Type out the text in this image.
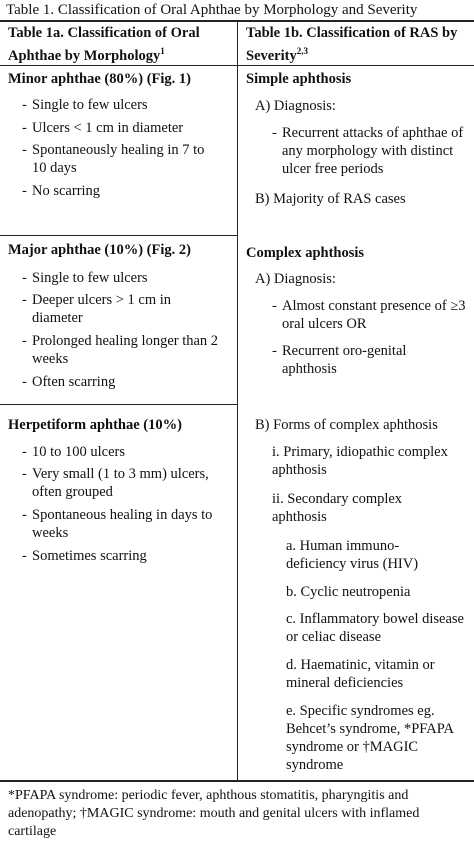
Table 1. Classification of Oral Aphthae by Morphology and Severity
Table 1a. Classification of Oral Aphthae by Morphology$^1$
Table 1b. Classification of RAS by Severity$^{2,3}$
Minor aphthae (80%) (Fig. 1)
- Single to few ulcers
- Ulcers < 1 cm in diameter
- Spontaneously healing in 7 to 10 days
- No scarring
Major aphthae (10%) (Fig. 2)
- Single to few ulcers
- Deeper ulcers > 1 cm in diameter
- Prolonged healing longer than 2 weeks
- Often scarring
Herpetiform aphthae (10%)
- 10 to 100 ulcers
- Very small (1 to 3 mm) ulcers, often grouped
- Spontaneous healing in days to weeks
- Sometimes scarring
Simple aphthosis
A) Diagnosis:
- Recurrent attacks of aphthae of any morphology with distinct ulcer free periods
B) Majority of RAS cases
Complex aphthosis
A) Diagnosis:
- Almost constant presence of ≥3 oral ulcers OR
- Recurrent oro-genital aphthosis
B) Forms of complex aphthosis
i. Primary, idiopathic complex aphthosis
ii. Secondary complex aphthosis
a. Human immuno-deficiency virus (HIV)
b. Cyclic neutropenia
c. Inflammatory bowel disease or celiac disease
d. Haematinic, vitamin or mineral deficiencies
e. Specific syndromes eg. Behcet’s syndrome, *PFAPA syndrome or †MAGIC syndrome
*PFAPA syndrome: periodic fever, aphthous stomatitis, pharyngitis and adenopathy; †MAGIC syndrome: mouth and genital ulcers with inflamed cartilage
